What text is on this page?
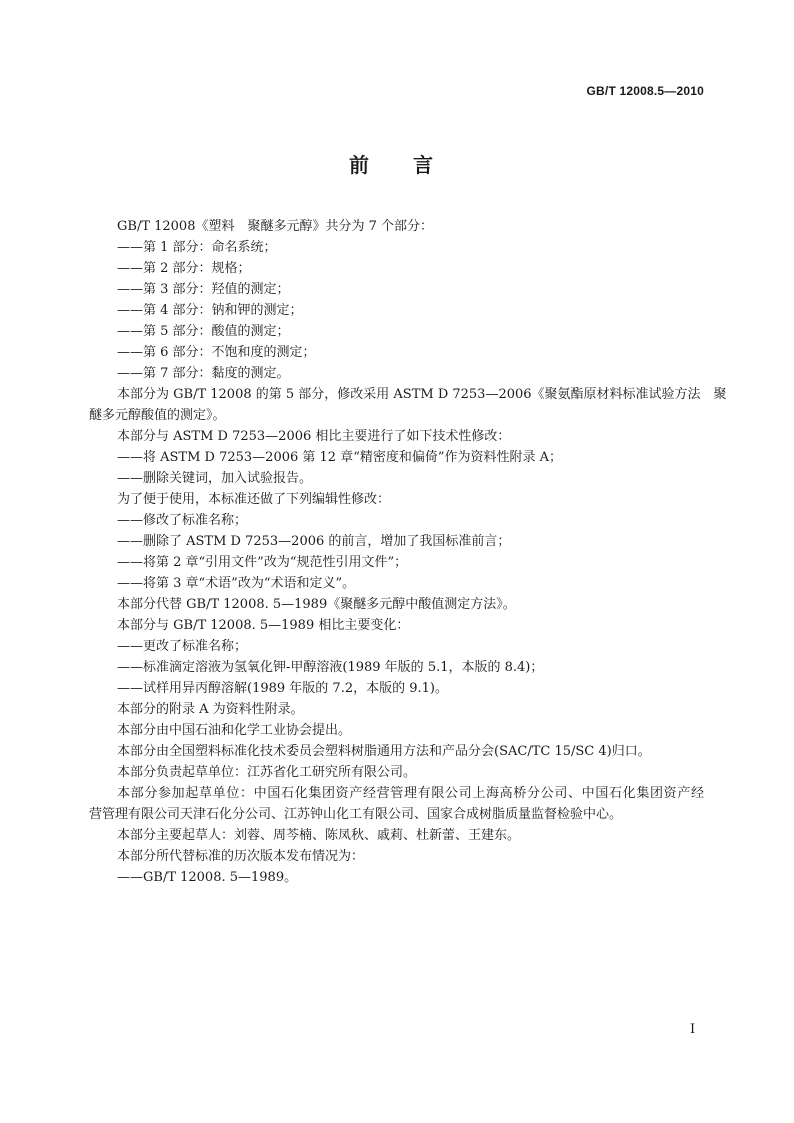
GB/T 12008.5—2010
前　言
GB/T 12008《塑料　聚醚多元醇》共分为 7 个部分：
——第 1 部分：命名系统；
——第 2 部分：规格；
——第 3 部分：羟值的测定；
——第 4 部分：钠和钾的测定；
——第 5 部分：酸值的测定；
——第 6 部分：不饱和度的测定；
——第 7 部分：黏度的测定。
本部分为 GB/T 12008 的第 5 部分，修改采用 ASTM D 7253—2006《聚氨酯原材料标准试验方法　聚
醚多元醇酸值的测定》。
本部分与 ASTM D 7253—2006 相比主要进行了如下技术性修改：
——将 ASTM D 7253—2006 第 12 章“精密度和偏倚”作为资料性附录 A；
——删除关键词，加入试验报告。
为了便于使用，本标准还做了下列编辑性修改：
——修改了标准名称；
——删除了 ASTM D 7253—2006 的前言，增加了我国标准前言；
——将第 2 章“引用文件”改为“规范性引用文件”；
——将第 3 章“术语”改为“术语和定义”。
本部分代替 GB/T 12008. 5—1989《聚醚多元醇中酸值测定方法》。
本部分与 GB/T 12008. 5—1989 相比主要变化：
——更改了标准名称；
——标准滴定溶液为氢氧化钾-甲醇溶液(1989 年版的 5.1，本版的 8.4)；
——试样用异丙醇溶解(1989 年版的 7.2，本版的 9.1)。
本部分的附录 A 为资料性附录。
本部分由中国石油和化学工业协会提出。
本部分由全国塑料标准化技术委员会塑料树脂通用方法和产品分会(SAC/TC 15/SC 4)归口。
本部分负责起草单位：江苏省化工研究所有限公司。
本部分参加起草单位：中国石化集团资产经营管理有限公司上海高桥分公司、中国石化集团资产经
营管理有限公司天津石化分公司、江苏钟山化工有限公司、国家合成树脂质量监督检验中心。
本部分主要起草人：刘蓉、周芩楠、陈凤秋、戚莉、杜新蕾、王建东。
本部分所代替标准的历次版本发布情况为：
——GB/T 12008. 5—1989。
I
